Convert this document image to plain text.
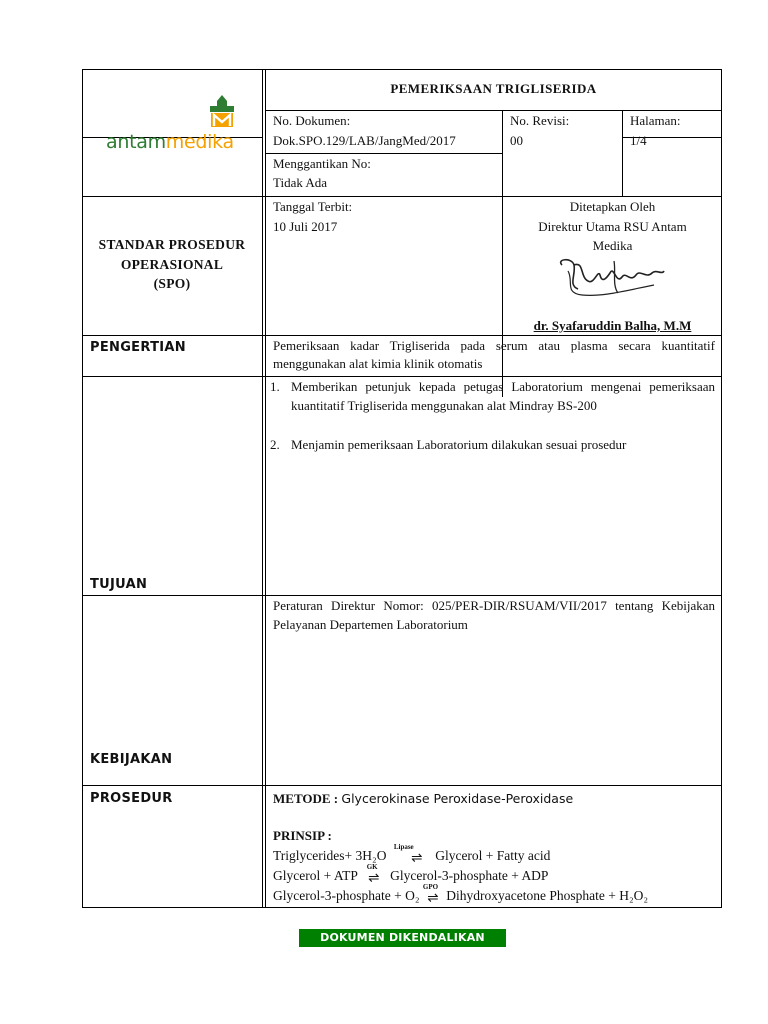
antammedika
PEMERIKSAAN TRIGLISERIDA
No. Dokumen:
Dok.SPO.129/LAB/JangMed/2017
No. Revisi:
00
Halaman:
1/4
Menggantikan No:
Tidak Ada
STANDAR PROSEDUR
OPERASIONAL
(SPO)
Tanggal Terbit:
10 Juli 2017
Ditetapkan Oleh
Direktur Utama RSU Antam
Medika
dr. Syafaruddin Balha, M.M
PENGERTIAN	Pemeriksaan kadar Trigliserida pada serum atau plasma secara kuantitatif menggunakan alat kimia klinik otomatis
TUJUAN
1. Memberikan petunjuk kepada petugas Laboratorium mengenai pemeriksaan kuantitatif Trigliserida menggunakan alat Mindray BS-200
2. Menjamin pemeriksaan Laboratorium dilakukan sesuai prosedur
KEBIJAKAN
Peraturan Direktur Nomor: 025/PER-DIR/RSUAM/VII/2017 tentang Kebijakan Pelayanan Departemen Laboratorium
PROSEDUR	METODE : Glycerokinase Peroxidase-Peroxidase
PRINSIP :
Triglycerides+ 3H₂O
Lipase
⇌ Glycerol + Fatty acid
Glycerol + ATP
GK
⇌ Glycerol-3-phosphate + ADP
Glycerol-3-phosphate + O₂
GPO
⇌ Dihydroxyacetone Phosphate + H₂O₂
DOKUMEN DIKENDALIKAN (2017)
